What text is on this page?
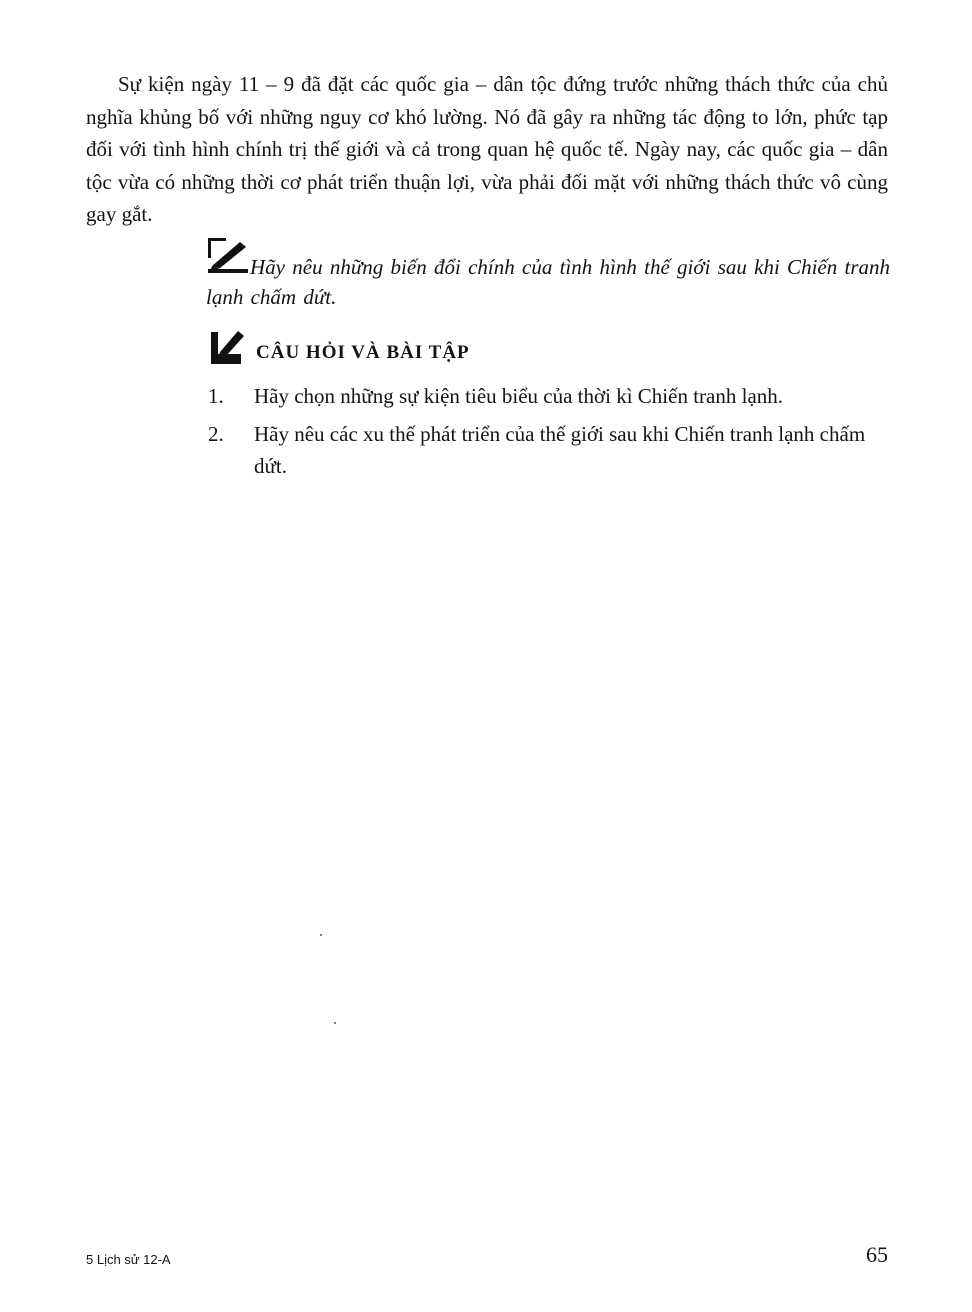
Sự kiện ngày 11 – 9 đã đặt các quốc gia – dân tộc đứng trước những thách thức của chủ nghĩa khủng bố với những nguy cơ khó lường. Nó đã gây ra những tác động to lớn, phức tạp đối với tình hình chính trị thế giới và cả trong quan hệ quốc tế. Ngày nay, các quốc gia – dân tộc vừa có những thời cơ phát triển thuận lợi, vừa phải đối mặt với những thách thức vô cùng gay gắt.

Hãy nêu những biến đổi chính của tình hình thế giới sau khi Chiến tranh lạnh chấm dứt.

CÂU HỎI VÀ BÀI TẬP
1. Hãy chọn những sự kiện tiêu biểu của thời kì Chiến tranh lạnh.
2. Hãy nêu các xu thế phát triển của thế giới sau khi Chiến tranh lạnh chấm dứt.

5 Lịch sử 12-A	65
